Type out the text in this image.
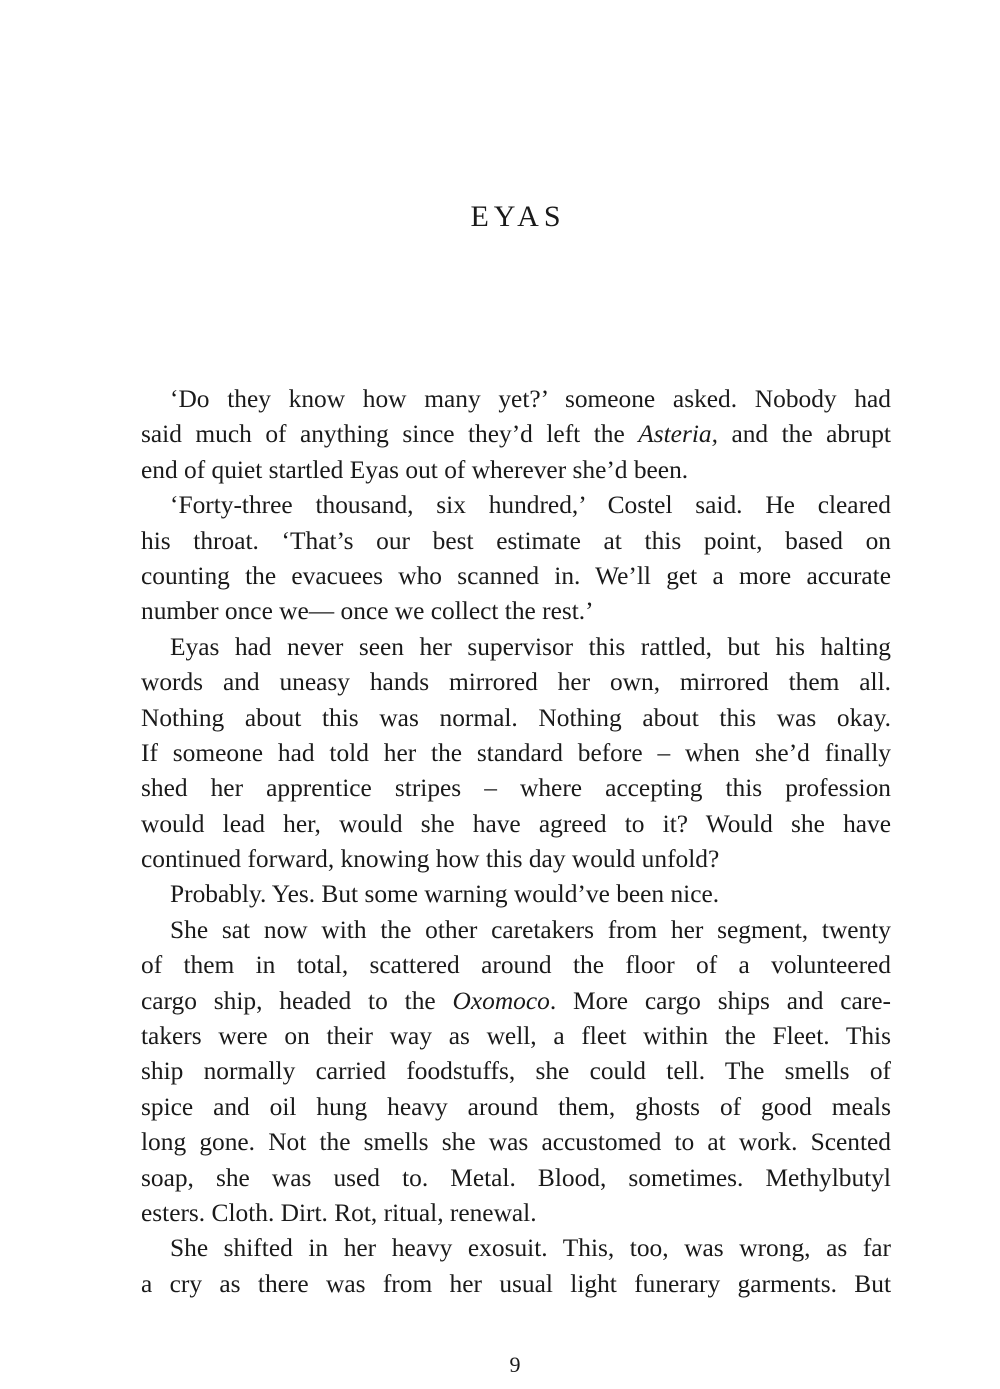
EYAS
‘Do they know how many yet?’ someone asked. Nobody had
said much of anything since they’d left the Asteria, and the abrupt
end of quiet startled Eyas out of wherever she’d been.
‘Forty-three thousand, six hundred,’ Costel said. He cleared
his throat. ‘That’s our best estimate at this point, based on
counting the evacuees who scanned in. We’ll get a more accurate
number once we— once we collect the rest.’
Eyas had never seen her supervisor this rattled, but his halting
words and uneasy hands mirrored her own, mirrored them all.
Nothing about this was normal. Nothing about this was okay.
If someone had told her the standard before – when she’d finally
shed her apprentice stripes – where accepting this profession
would lead her, would she have agreed to it? Would she have
continued forward, knowing how this day would unfold?
Probably. Yes. But some warning would’ve been nice.
She sat now with the other caretakers from her segment, twenty
of them in total, scattered around the floor of a volunteered
cargo ship, headed to the Oxomoco. More cargo ships and care-
takers were on their way as well, a fleet within the Fleet. This
ship normally carried foodstuffs, she could tell. The smells of
spice and oil hung heavy around them, ghosts of good meals
long gone. Not the smells she was accustomed to at work. Scented
soap, she was used to. Metal. Blood, sometimes. Methylbutyl
esters. Cloth. Dirt. Rot, ritual, renewal.
She shifted in her heavy exosuit. This, too, was wrong, as far
a cry as there was from her usual light funerary garments. But
9
